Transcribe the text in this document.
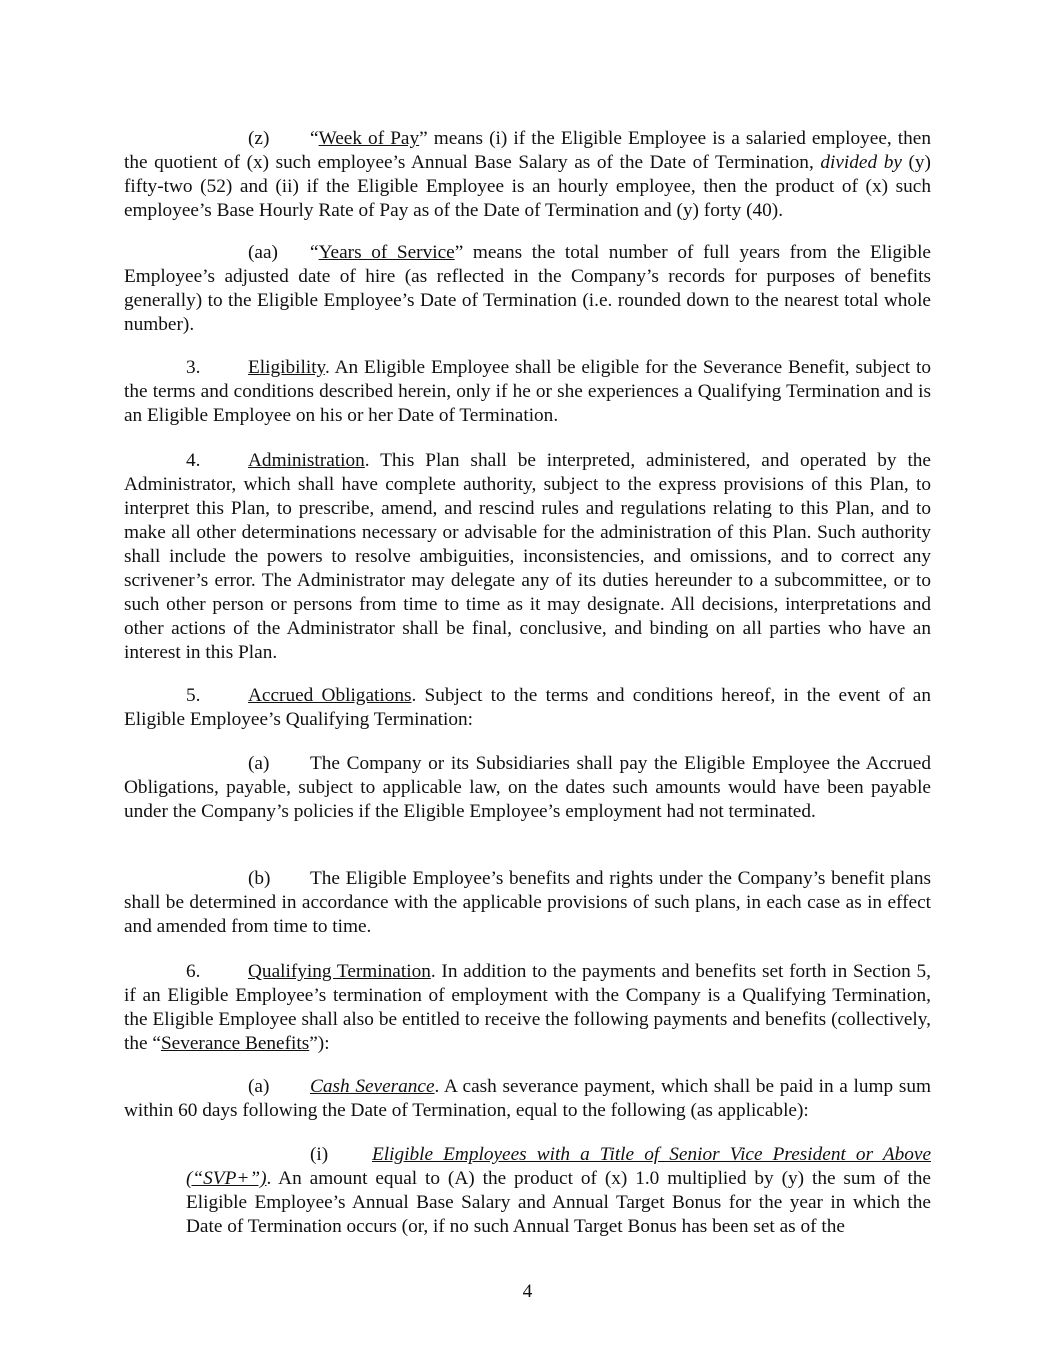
(z) “Week of Pay” means (i) if the Eligible Employee is a salaried employee, then the quotient of (x) such employee’s Annual Base Salary as of the Date of Termination, divided by (y) fifty-two (52) and (ii) if the Eligible Employee is an hourly employee, then the product of (x) such employee’s Base Hourly Rate of Pay as of the Date of Termination and (y) forty (40).

(aa) “Years of Service” means the total number of full years from the Eligible Employee’s adjusted date of hire (as reflected in the Company’s records for purposes of benefits generally) to the Eligible Employee’s Date of Termination (i.e. rounded down to the nearest total whole number).

3. Eligibility. An Eligible Employee shall be eligible for the Severance Benefit, subject to the terms and conditions described herein, only if he or she experiences a Qualifying Termination and is an Eligible Employee on his or her Date of Termination.

4. Administration. This Plan shall be interpreted, administered, and operated by the Administrator, which shall have complete authority, subject to the express provisions of this Plan, to interpret this Plan, to prescribe, amend, and rescind rules and regulations relating to this Plan, and to make all other determinations necessary or advisable for the administration of this Plan. Such authority shall include the powers to resolve ambiguities, inconsistencies, and omissions, and to correct any scrivener’s error. The Administrator may delegate any of its duties hereunder to a subcommittee, or to such other person or persons from time to time as it may designate. All decisions, interpretations and other actions of the Administrator shall be final, conclusive, and binding on all parties who have an interest in this Plan.

5. Accrued Obligations. Subject to the terms and conditions hereof, in the event of an Eligible Employee’s Qualifying Termination:

(a) The Company or its Subsidiaries shall pay the Eligible Employee the Accrued Obligations, payable, subject to applicable law, on the dates such amounts would have been payable under the Company’s policies if the Eligible Employee’s employment had not terminated.

(b) The Eligible Employee’s benefits and rights under the Company’s benefit plans shall be determined in accordance with the applicable provisions of such plans, in each case as in effect and amended from time to time.

6. Qualifying Termination. In addition to the payments and benefits set forth in Section 5, if an Eligible Employee’s termination of employment with the Company is a Qualifying Termination, the Eligible Employee shall also be entitled to receive the following payments and benefits (collectively, the “Severance Benefits”):

(a) Cash Severance. A cash severance payment, which shall be paid in a lump sum within 60 days following the Date of Termination, equal to the following (as applicable):

(i) Eligible Employees with a Title of Senior Vice President or Above (“SVP+”). An amount equal to (A) the product of (x) 1.0 multiplied by (y) the sum of the Eligible Employee’s Annual Base Salary and Annual Target Bonus for the year in which the Date of Termination occurs (or, if no such Annual Target Bonus has been set as of the

4
